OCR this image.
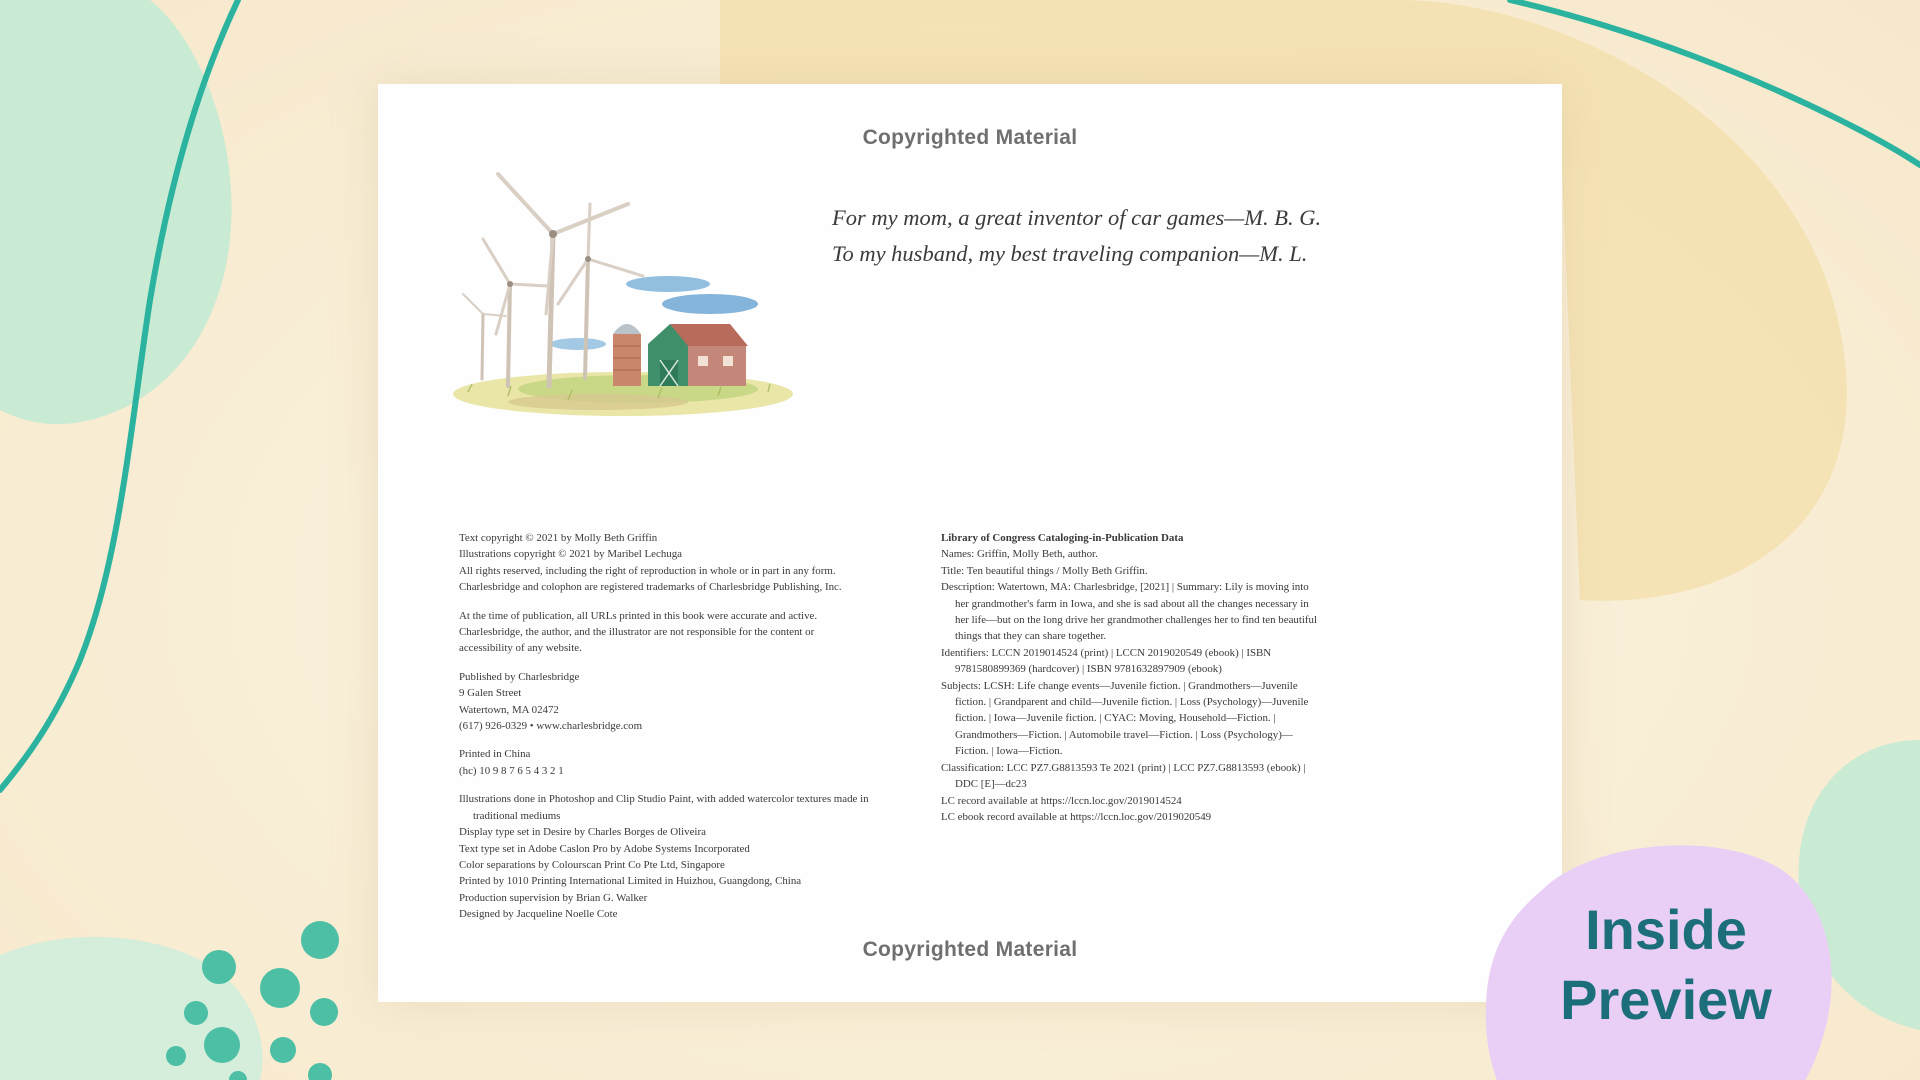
Copyrighted Material
For my mom, a great inventor of car games—M. B. G.
To my husband, my best traveling companion—M. L.

Text copyright © 2021 by Molly Beth Griffin
Illustrations copyright © 2021 by Maribel Lechuga
All rights reserved, including the right of reproduction in whole or in part in any form.
Charlesbridge and colophon are registered trademarks of Charlesbridge Publishing, Inc.

At the time of publication, all URLs printed in this book were accurate and active.
Charlesbridge, the author, and the illustrator are not responsible for the content or
accessibility of any website.

Published by Charlesbridge
9 Galen Street
Watertown, MA 02472
(617) 926-0329 • www.charlesbridge.com

Printed in China
(hc) 10 9 8 7 6 5 4 3 2 1

Illustrations done in Photoshop and Clip Studio Paint, with added watercolor textures made in traditional mediums
Display type set in Desire by Charles Borges de Oliveira
Text type set in Adobe Caslon Pro by Adobe Systems Incorporated
Color separations by Colourscan Print Co Pte Ltd, Singapore
Printed by 1010 Printing International Limited in Huizhou, Guangdong, China
Production supervision by Brian G. Walker
Designed by Jacqueline Noelle Cote

Library of Congress Cataloging-in-Publication Data
Names: Griffin, Molly Beth, author.
Title: Ten beautiful things / Molly Beth Griffin.
Description: Watertown, MA: Charlesbridge, [2021] | Summary: Lily is moving into her grandmother's farm in Iowa, and she is sad about all the changes necessary in her life—but on the long drive her grandmother challenges her to find ten beautiful things that they can share together.
Identifiers: LCCN 2019014524 (print) | LCCN 2019020549 (ebook) | ISBN 9781580899369 (hardcover) | ISBN 9781632897909 (ebook)
Subjects: LCSH: Life change events—Juvenile fiction. | Grandmothers—Juvenile fiction. | Grandparent and child—Juvenile fiction. | Loss (Psychology)—Juvenile fiction. | Iowa—Juvenile fiction. | CYAC: Moving, Household—Fiction. | Grandmothers—Fiction. | Automobile travel—Fiction. | Loss (Psychology)—Fiction. | Iowa—Fiction.
Classification: LCC PZ7.G8813593 Te 2021 (print) | LCC PZ7.G8813593 (ebook) | DDC [E]—dc23
LC record available at https://lccn.loc.gov/2019014524
LC ebook record available at https://lccn.loc.gov/2019020549
Copyrighted Material	Inside
Preview
